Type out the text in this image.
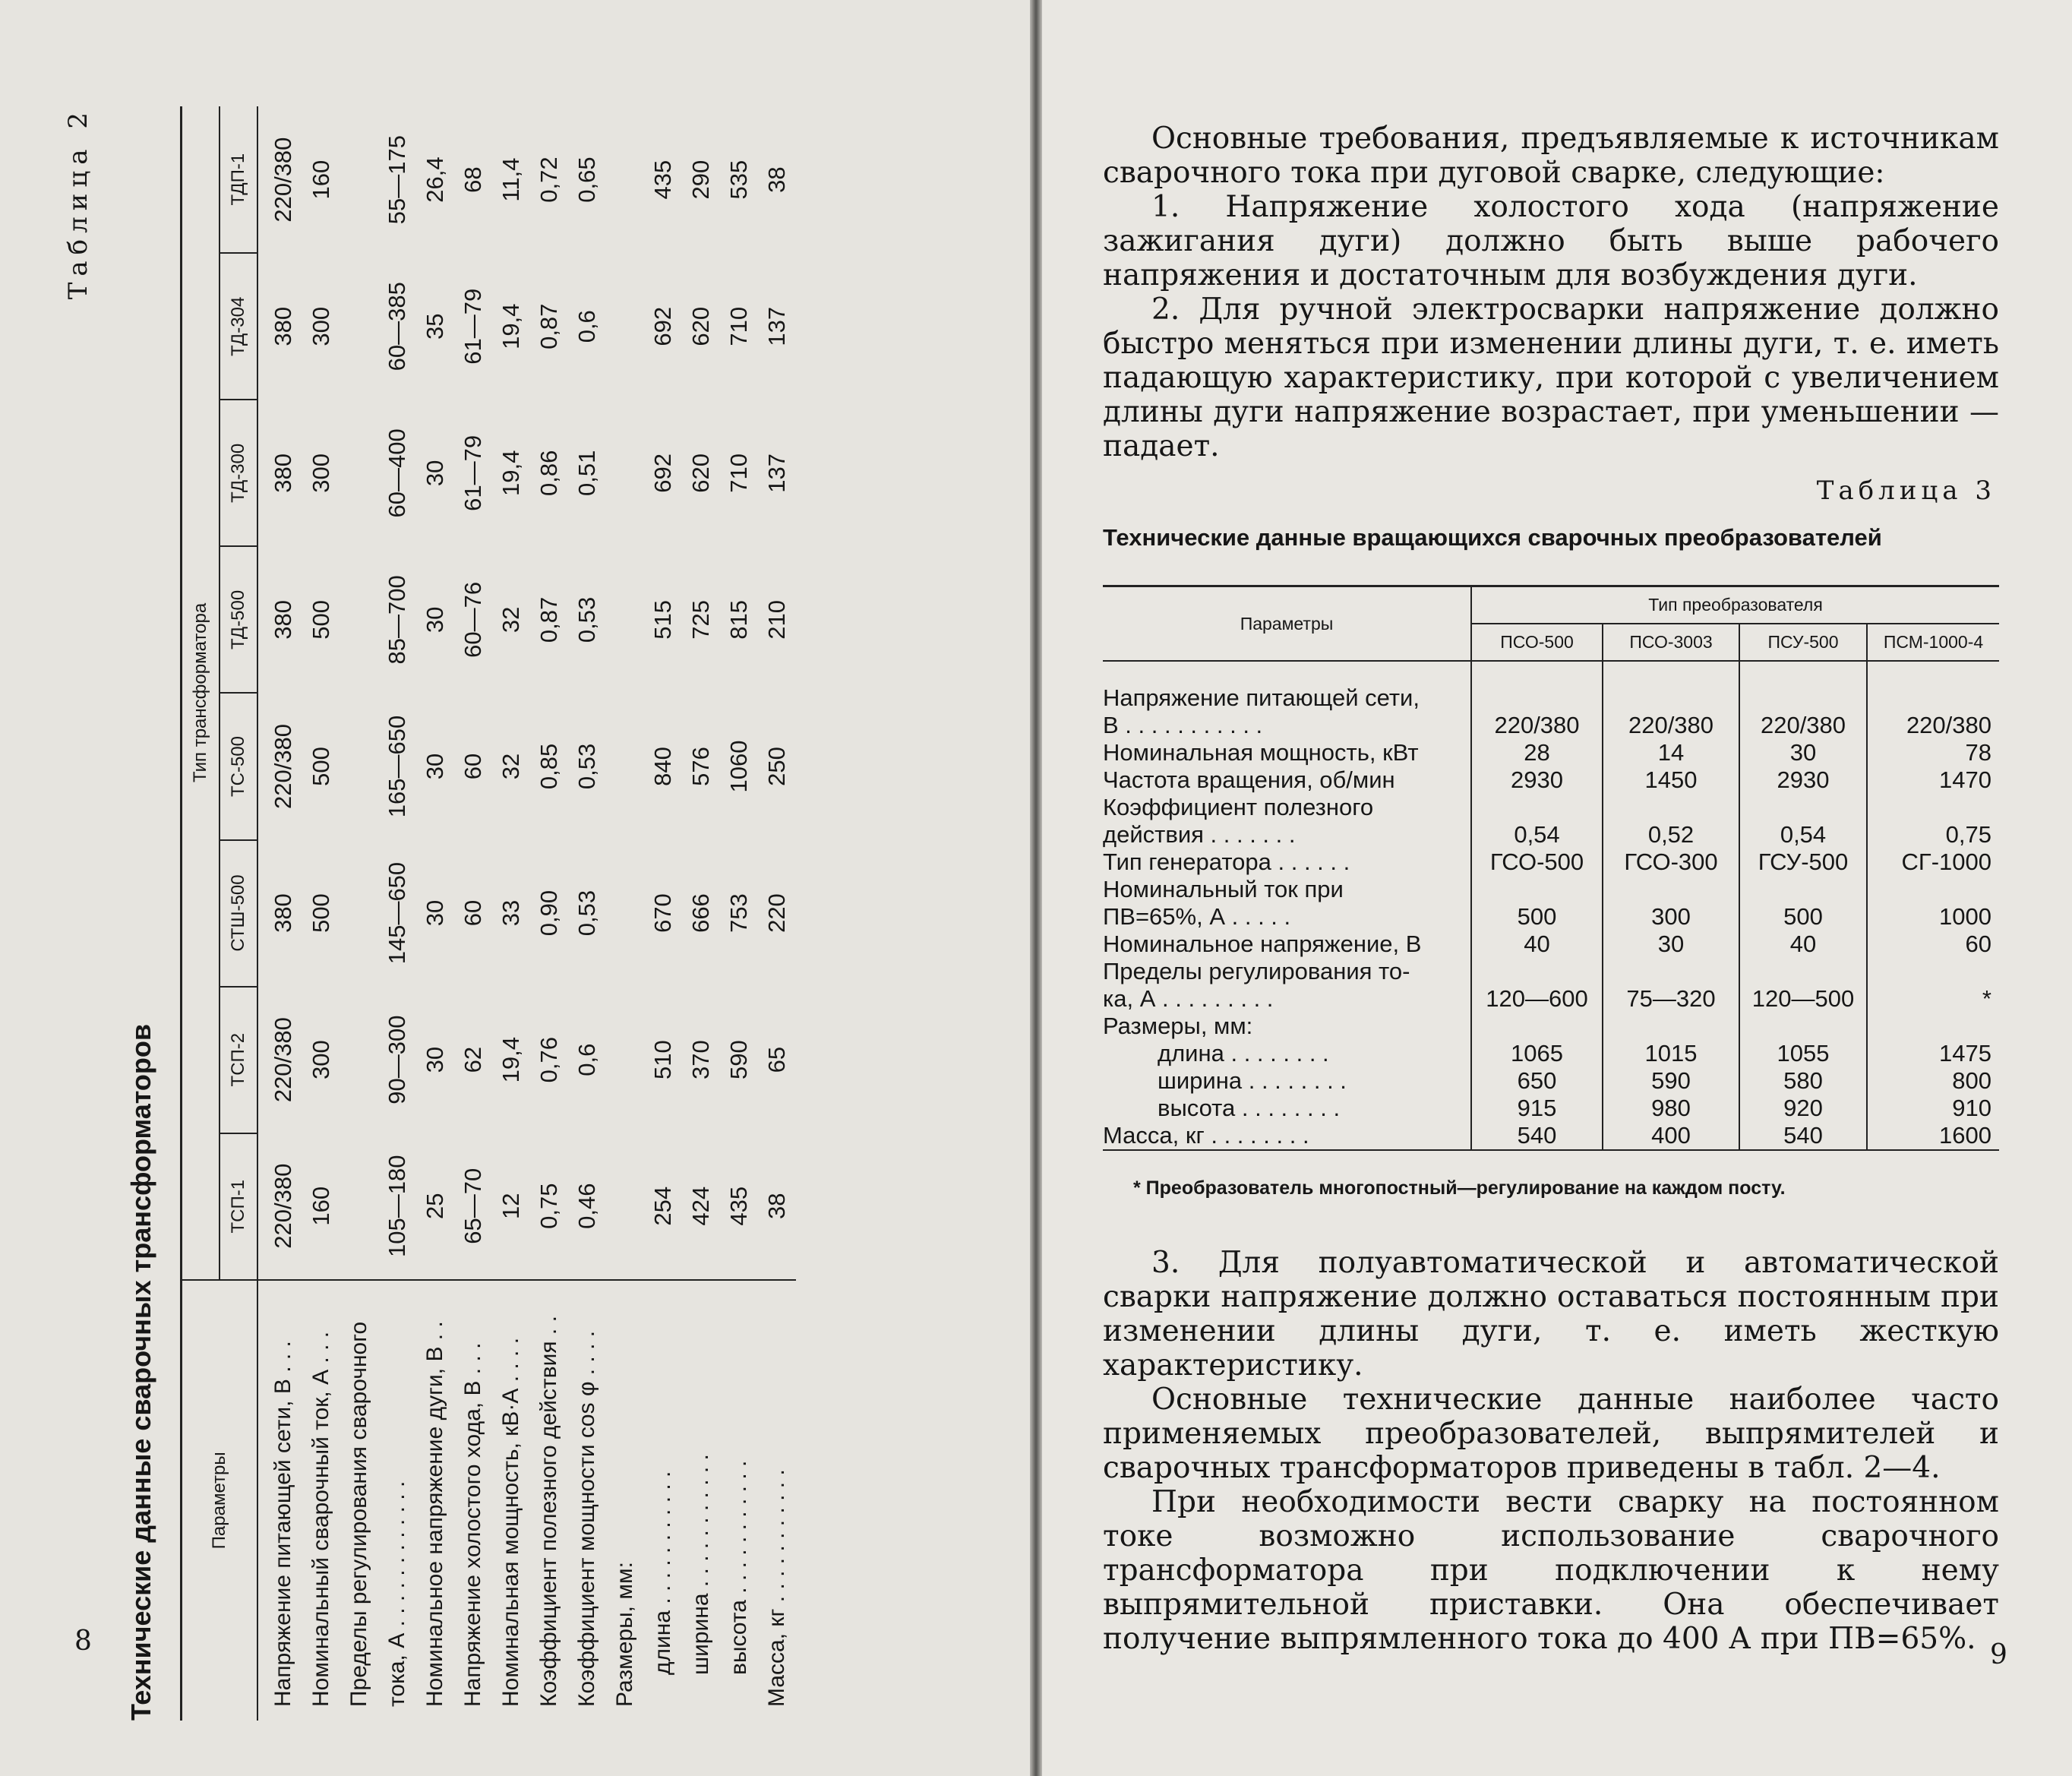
Таблица 2
Технические данные сварочных трансформаторов	Параметры	Тип трансформатора							
	ТСП-1	ТСП-2	СТШ-500	ТС-500	ТД-500	ТД-300	ТД-304	ТДП-1
Напряжение питающей сети, В . . .	220/380	220/380	380	220/380	380	380	380	220/380
Номинальный сварочный ток, А . . .	160	300	500	500	500	300	300	160
Пределы регулирования сварочного								
тока, А . . . . . . . . . . . .	105—180	90—300	145—650	165—650	85—700	60—400	60—385	55—175
Номинальное напряжение дуги, В . .	25	30	30	30	30	30	35	26,4
Напряжение холостого хода, В . . .	65—70	62	60	60	60—76	61—79	61—79	68
Номинальная мощность, кВ·А . . . .	12	19,4	33	32	32	19,4	19,4	11,4
Коэффициент полезного действия . .	0,75	0,76	0,90	0,85	0,87	0,86	0,87	0,72
Коэффициент мощности cos φ . . . .	0,46	0,6	0,53	0,53	0,53	0,51	0,6	0,65
Размеры, мм:								
длина . . . . . . . . . . .	254	510	670	840	515	692	692	435
ширина . . . . . . . . . . .	424	370	666	576	725	620	620	290
высота . . . . . . . . . . .	435	590	753	1060	815	710	710	535
Масса, кг . . . . . . . . . . .	38	65	220	250	210	137	137	38
8

Основные требования, предъявляемые к источникам сварочного тока при дуговой сварке, следующие:

1. Напряжение холостого хода (напряжение зажигания дуги) должно быть выше рабочего напряжения и достаточным для возбуждения дуги.

2. Для ручной электросварки напряжение должно быстро меняться при изменении длины дуги, т. е. иметь падающую характеристику, при которой с увеличением длины дуги напряжение возрастает, при уменьшении — падает.

Таблица 3
Технические данные вращающихся сварочных преобразователей
Параметры	Тип преобразователя			
	ПСО-500	ПСО-3003	ПСУ-500	ПСМ-1000-4
Напряжение питающей сети,				
В . . . . . . . . . . .	220/380	220/380	220/380	220/380
Номинальная мощность, кВт	28	14	30	78
Частота вращения, об/мин	2930	1450	2930	1470
Коэффициент полезного				
действия . . . . . . .	0,54	0,52	0,54	0,75
Тип генератора . . . . . .	ГСО-500	ГСО-300	ГСУ-500	СГ-1000
Номинальный ток при				
ПВ=65%, А . . . . .	500	300	500	1000
Номинальное напряжение, В	40	30	40	60
Пределы регулирования то-				
ка, А . . . . . . . . .	120—600	75—320	120—500	*
Размеры, мм:				
длина . . . . . . . .	1065	1015	1055	1475
ширина . . . . . . . .	650	590	580	800
высота . . . . . . . .	915	980	920	910
Масса, кг . . . . . . . .	540	400	540	1600
* Преобразователь многопостный—регулирование на каждом посту.

3. Для полуавтоматической и автоматической сварки напряжение должно оставаться постоянным при изменении длины дуги, т. е. иметь жесткую характеристику.

Основные технические данные наиболее часто применяемых преобразователей, выпрямителей и сварочных трансформаторов приведены в табл. 2—4.

При необходимости вести сварку на постоянном токе возможно использование сварочного трансформатора при подключении к нему выпрямительной приставки. Она обеспечивает получение выпрямленного тока до 400 А при ПВ=65%. 9
